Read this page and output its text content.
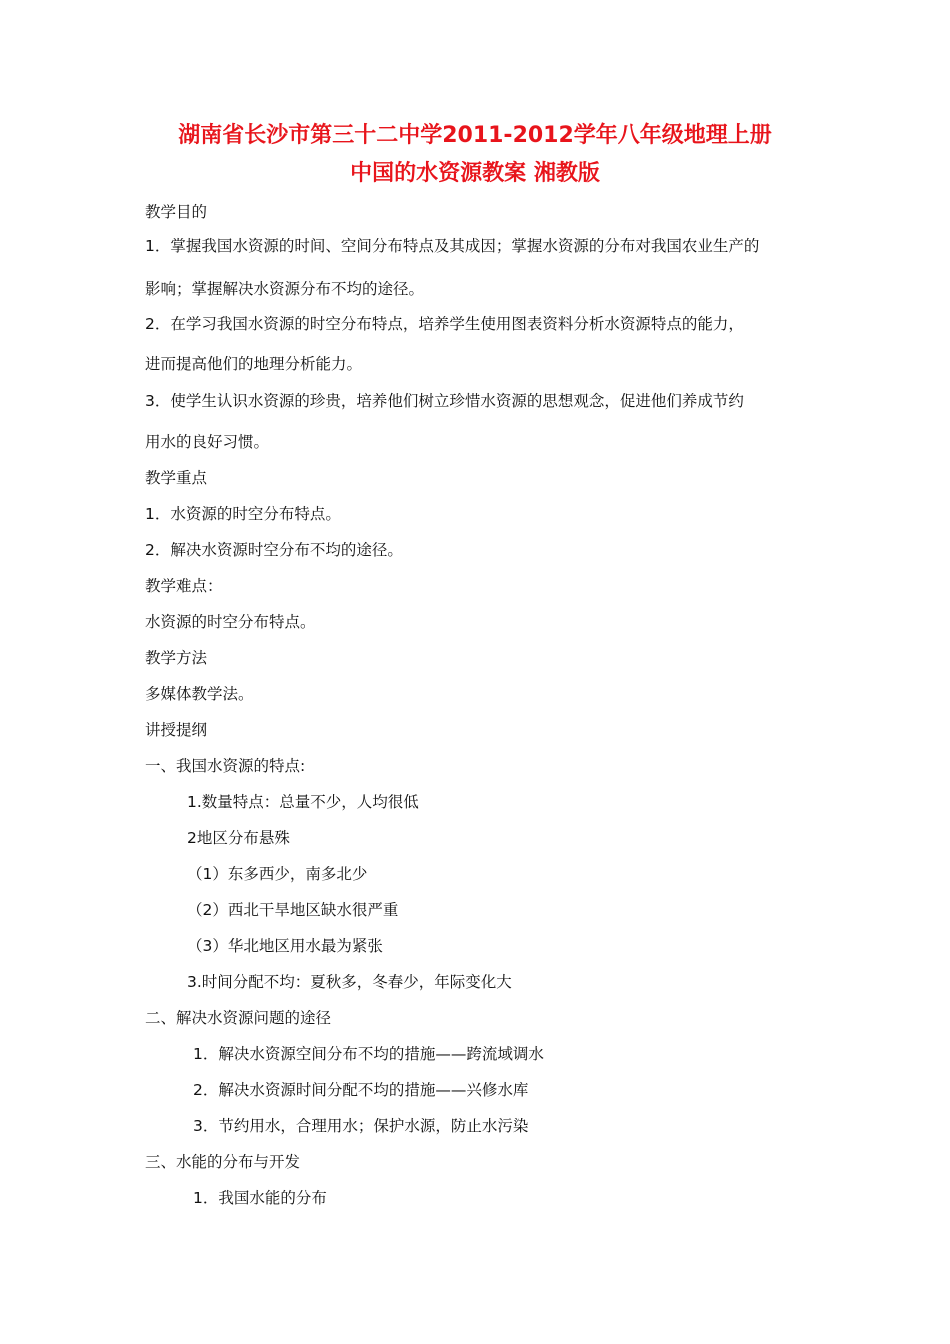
湖南省长沙市第三十二中学2011-2012学年八年级地理上册
中国的水资源教案 湘教版
教学目的
1．掌握我国水资源的时间、空间分布特点及其成因；掌握水资源的分布对我国农业生产的
影响；掌握解决水资源分布不均的途径。
2．在学习我国水资源的时空分布特点，培养学生使用图表资料分析水资源特点的能力，
进而提高他们的地理分析能力。
3．使学生认识水资源的珍贵，培养他们树立珍惜水资源的思想观念，促进他们养成节约
用水的良好习惯。
教学重点
1．水资源的时空分布特点。
2．解决水资源时空分布不均的途径。
教学难点：
水资源的时空分布特点。
教学方法
多媒体教学法。
讲授提纲
一、我国水资源的特点:
1.数量特点：总量不少，人均很低
2地区分布悬殊
（1）东多西少，南多北少
（2）西北干旱地区缺水很严重
（3）华北地区用水最为紧张
3.时间分配不均：夏秋多，冬春少，年际变化大
二、解决水资源问题的途径
1．解决水资源空间分布不均的措施——跨流域调水
2．解决水资源时间分配不均的措施——兴修水库
3．节约用水，合理用水；保护水源，防止水污染
三、水能的分布与开发
1．我国水能的分布
